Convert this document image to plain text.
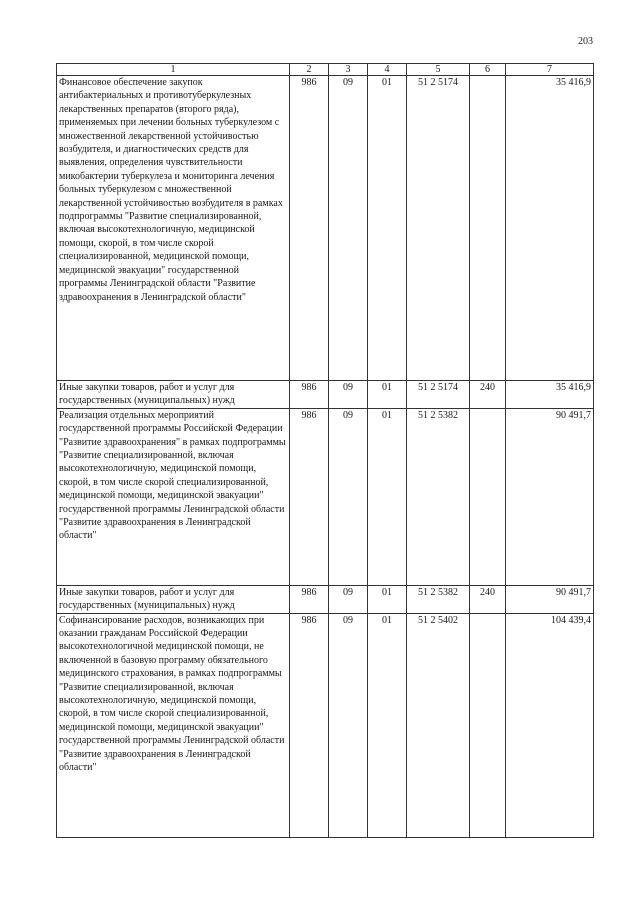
203
1	2	3	4	5	6	7
Финансовое обеспечение закупок антибактериальных и противотуберкулезных лекарственных препаратов (второго ряда), применяемых при лечении больных туберкулезом с множественной лекарственной устойчивостью возбудителя, и диагностических средств для выявления, определения чувствительности микобактерии туберкулеза и мониторинга лечения больных туберкулезом с множественной лекарственной устойчивостью возбудителя в рамках подпрограммы "Развитие специализированной, включая высокотехнологичную, медицинской помощи, скорой, в том числе скорой специализированной, медицинской помощи, медицинской эвакуации" государственной программы Ленинградской области "Развитие здравоохранения в Ленинградской области"	986	09	01	51 2 5174		35 416,9
Иные закупки товаров, работ и услуг для государственных (муниципальных) нужд	986	09	01	51 2 5174	240	35 416,9
Реализация отдельных мероприятий государственной программы Российской Федерации "Развитие здравоохранения" в рамках подпрограммы "Развитие специализированной, включая высокотехнологичную, медицинской помощи, скорой, в том числе скорой специализированной, медицинской помощи, медицинской эвакуации" государственной программы Ленинградской области "Развитие здравоохранения в Ленинградской области"	986	09	01	51 2 5382		90 491,7
Иные закупки товаров, работ и услуг для государственных (муниципальных) нужд	986	09	01	51 2 5382	240	90 491,7
Софинансирование расходов, возникающих при оказании гражданам Российской Федерации высокотехнологичной медицинской помощи, не включенной в базовую программу обязательного медицинского страхования, в рамках подпрограммы "Развитие специализированной, включая высокотехнологичную, медицинской помощи, скорой, в том числе скорой специализированной, медицинской помощи, медицинской эвакуации" государственной программы Ленинградской области "Развитие здравоохранения в Ленинградской области"	986	09	01	51 2 5402		104 439,4
